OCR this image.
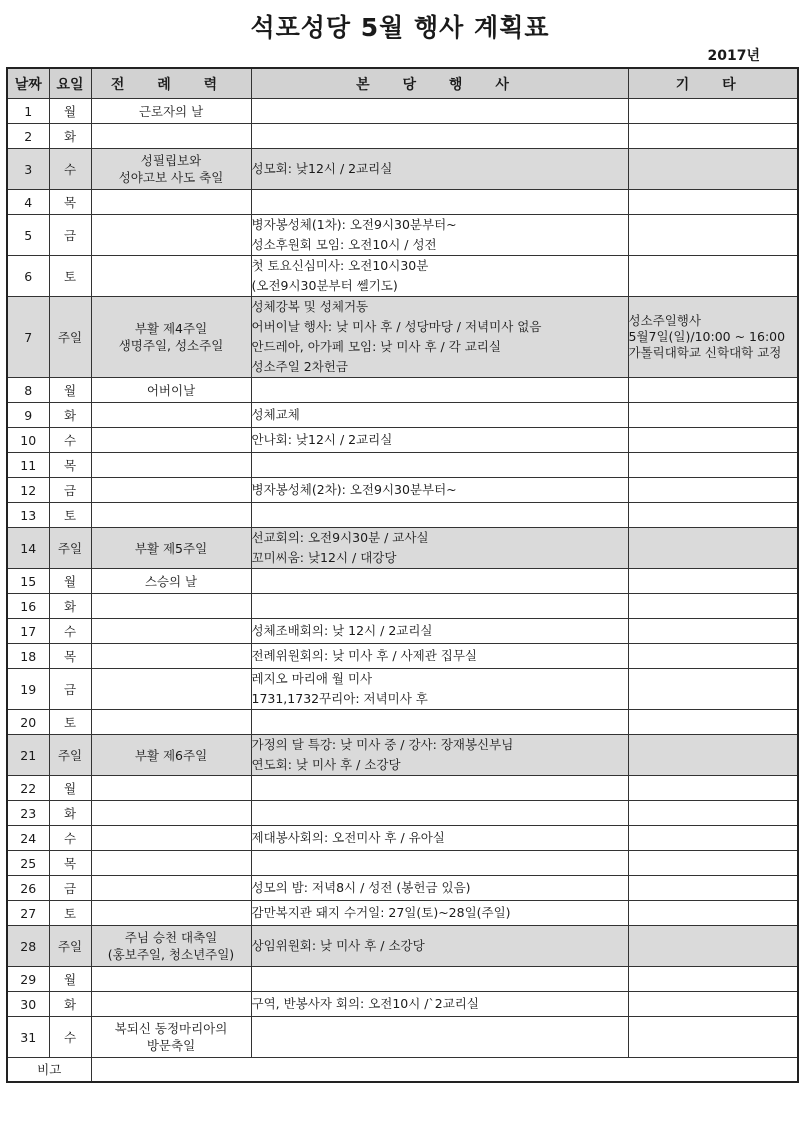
석포성당 5월 행사 계획표
2017년
날짜	요일	전 례 력	본 당 행 사	기 타
1	월	근로자의 날		

2	화			
3	수	성필립보와
성야고보 사도 축일	성모회: 낮12시 / 2교리실	

4	목			
5	금		병자봉성체(1차): 오전9시30분부터~
성소후원회 모임: 오전10시 / 성전	

6	토		첫 토요신심미사: 오전10시30분
(오전9시30분부터 쎌기도)	

7	주일	부활 제4주일
생명주일, 성소주일	성체강복 및 성체거동
어버이날 행사: 낮 미사 후 / 성당마당 / 저녁미사 없음
안드레아, 아가페 모임: 낮 미사 후 / 각 교리실
성소주일 2차헌금	성소주일행사
5월7일(일)/10:00 ~ 16:00
가톨릭대학교 신학대학 교정

8	월	어버이날		

9	화		성체교체	

10	수		안나회: 낮12시 / 2교리실	

11	목			
12	금		병자봉성체(2차): 오전9시30분부터~	

13	토			
14	주일	부활 제5주일	선교회의: 오전9시30분 / 교사실
꼬미씨움: 낮12시 / 대강당	

15	월	스승의 날		

16	화			
17	수		성체조배회의: 낮 12시 / 2교리실	

18	목		전례위원회의: 낮 미사 후 / 사제관 집무실	

19	금		레지오 마리애 월 미사
1731,1732꾸리아: 저녁미사 후	

20	토			
21	주일	부활 제6주일	가정의 달 특강: 낮 미사 중 / 강사: 장재봉신부님
연도회: 낮 미사 후 / 소강당	

22	월			
23	화			
24	수		제대봉사회의: 오전미사 후 / 유아실	

25	목			
26	금		성모의 밤: 저녁8시 / 성전 (봉헌금 있음)	

27	토		감만복지관 돼지 수거일: 27일(토)~28일(주일)	

28	주일	주님 승천 대축일
(홍보주일, 청소년주일)	상임위원회: 낮 미사 후 / 소강당	

29	월			
30	화		구역, 반봉사자 회의: 오전10시 /`2교리실	

31	수	복되신 동정마리아의
방문축일		

비고				
